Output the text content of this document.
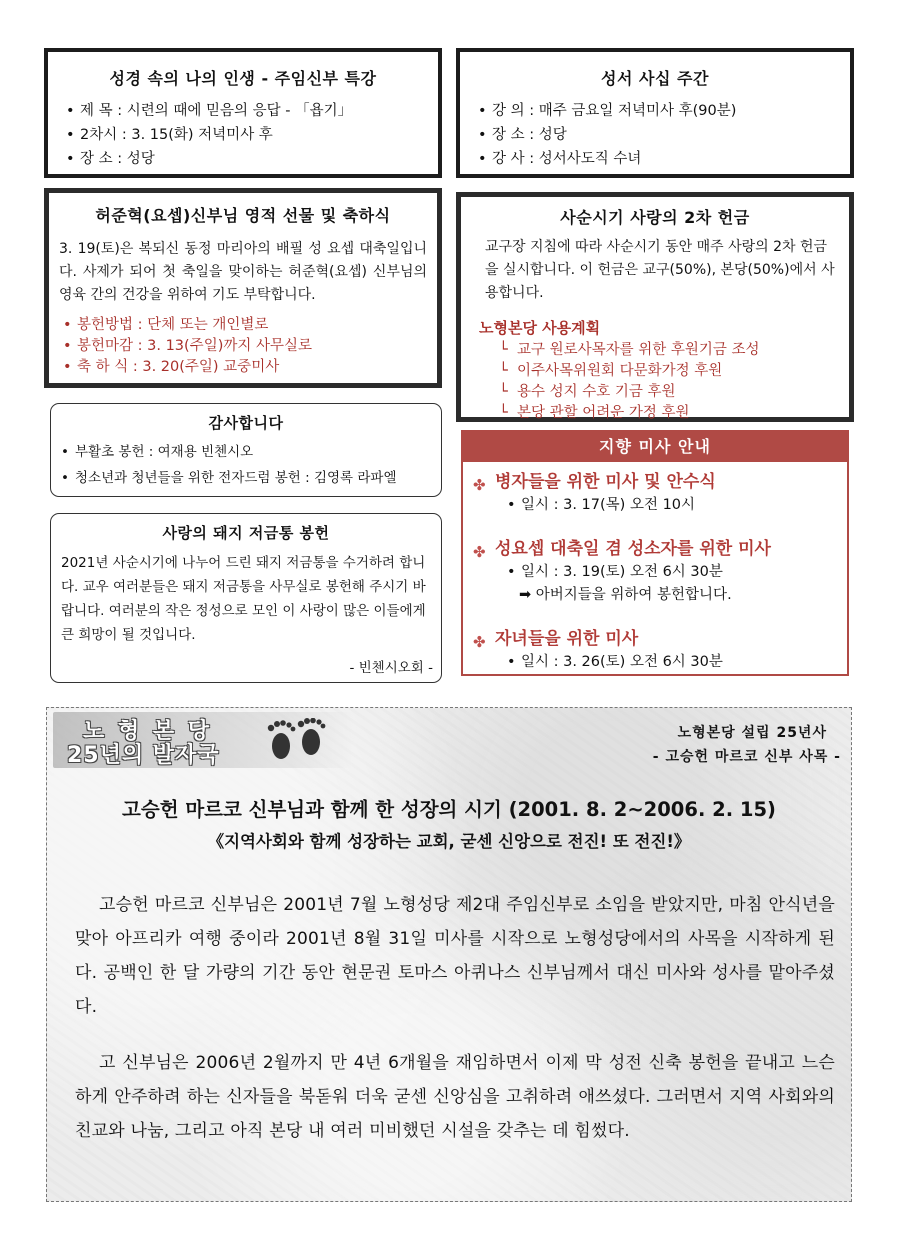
성경 속의 나의 인생 - 주임신부 특강
• 제 목 : 시련의 때에 믿음의 응답 - 「욥기」
• 2차시 : 3. 15(화) 저녁미사 후
• 장 소 : 성당
성서 사십 주간
• 강 의 : 매주 금요일 저녁미사 후(90분)
• 장 소 : 성당
• 강 사 : 성서사도직 수녀
허준혁(요셉)신부님 영적 선물 및 축하식
3. 19(토)은 복되신 동정 마리아의 배필 성 요셉 대축일입니다. 사제가 되어 첫 축일을 맞이하는 허준혁(요셉) 신부님의 영육 간의 건강을 위하여 기도 부탁합니다.
• 봉헌방법 : 단체 또는 개인별로
• 봉헌마감 : 3. 13(주일)까지 사무실로
• 축 하 식 : 3. 20(주일) 교중미사
사순시기 사랑의 2차 헌금
교구장 지침에 따라 사순시기 동안 매주 사랑의 2차 헌금을 실시합니다. 이 헌금은 교구(50%), 본당(50%)에서 사용합니다.
노형본당 사용계획
└ 교구 원로사목자를 위한 후원기금 조성
└ 이주사목위원회 다문화가정 후원
└ 용수 성지 수호 기금 후원
└ 본당 관할 어려운 가정 후원
감사합니다
• 부활초 봉헌 : 여재용 빈첸시오
• 청소년과 청년들을 위한 전자드럼 봉헌 : 김영록 라파엘
사랑의 돼지 저금통 봉헌
2021년 사순시기에 나누어 드린 돼지 저금통을 수거하려 합니다. 교우 여러분들은 돼지 저금통을 사무실로 봉헌해 주시기 바랍니다. 여러분의 작은 정성으로 모인 이 사랑이 많은 이들에게 큰 희망이 될 것입니다.
- 빈첸시오회 -
지향 미사 안내
✤ 병자들을 위한 미사 및 안수식
• 일시 : 3. 17(목) 오전 10시
✤ 성요셉 대축일 겸 성소자를 위한 미사
• 일시 : 3. 19(토) 오전 6시 30분
➡ 아버지들을 위하여 봉헌합니다.
✤ 자녀들을 위한 미사
• 일시 : 3. 26(토) 오전 6시 30분
노 형 본 당
25년의 발자국
노형본당 설립 25년사
- 고승헌 마르코 신부 사목 -
고승헌 마르코 신부님과 함께 한 성장의 시기 (2001. 8. 2~2006. 2. 15)
《지역사회와 함께 성장하는 교회, 굳센 신앙으로 전진! 또 전진!》
고승헌 마르코 신부님은 2001년 7월 노형성당 제2대 주임신부로 소임을 받았지만, 마침 안식년을 맞아 아프리카 여행 중이라 2001년 8월 31일 미사를 시작으로 노형성당에서의 사목을 시작하게 된다. 공백인 한 달 가량의 기간 동안 현문권 토마스 아퀴나스 신부님께서 대신 미사와 성사를 맡아주셨다.
고 신부님은 2006년 2월까지 만 4년 6개월을 재임하면서 이제 막 성전 신축 봉헌을 끝내고 느슨하게 안주하려 하는 신자들을 북돋워 더욱 굳센 신앙심을 고취하려 애쓰셨다. 그러면서 지역 사회와의 친교와 나눔, 그리고 아직 본당 내 여러 미비했던 시설을 갖추는 데 힘썼다.
